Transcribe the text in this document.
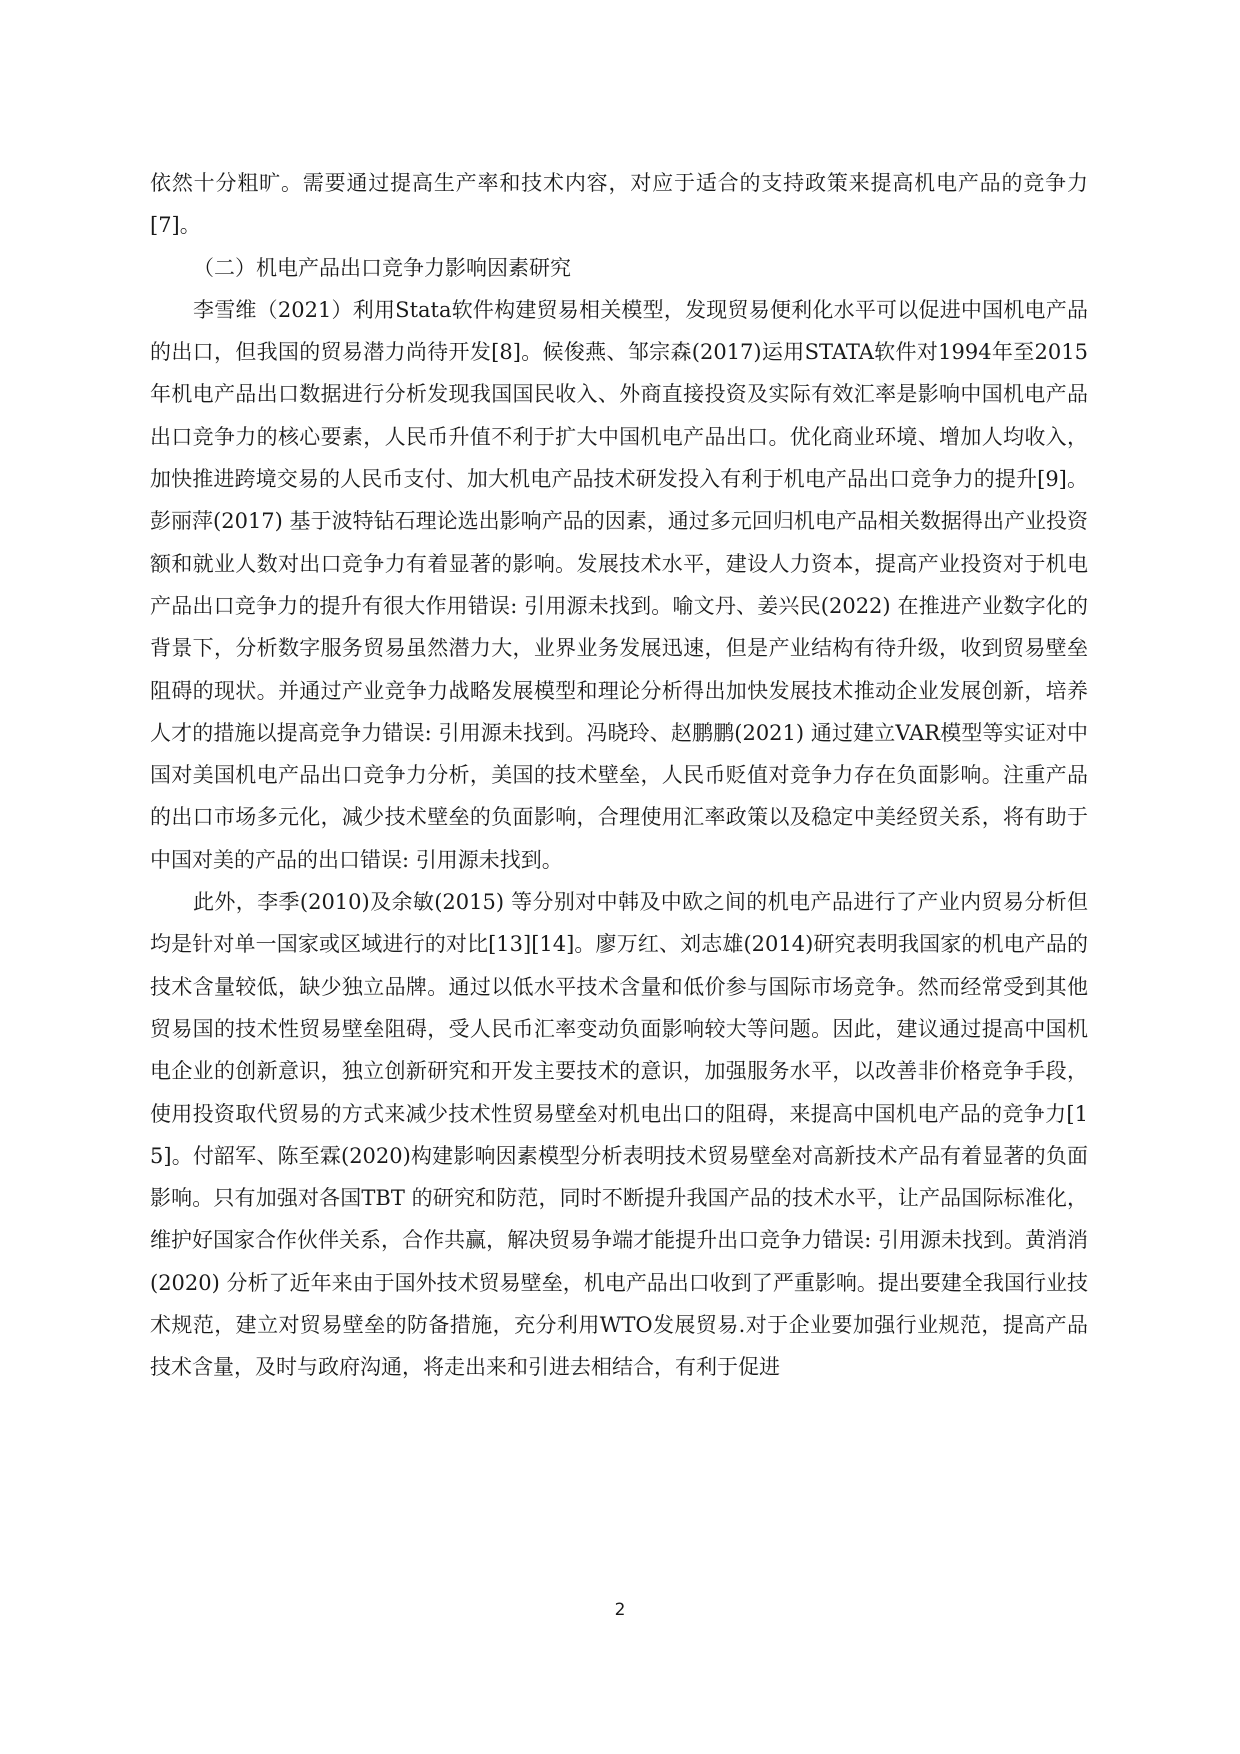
依然十分粗旷。需要通过提高生产率和技术内容，对应于适合的支持政策来提高机电产品的竞争力[7]。

（二）机电产品出口竞争力影响因素研究

李雪维（2021）利用Stata软件构建贸易相关模型，发现贸易便利化水平可以促进中国机电产品的出口，但我国的贸易潜力尚待开发[8]。候俊燕、邹宗森(2017)运用STATA软件对1994年至2015年机电产品出口数据进行分析发现我国国民收入、外商直接投资及实际有效汇率是影响中国机电产品出口竞争力的核心要素，人民币升值不利于扩大中国机电产品出口。优化商业环境、增加人均收入，加快推进跨境交易的人民币支付、加大机电产品技术研发投入有利于机电产品出口竞争力的提升[9]。彭丽萍(2017) 基于波特钻石理论选出影响产品的因素，通过多元回归机电产品相关数据得出产业投资额和就业人数对出口竞争力有着显著的影响。发展技术水平，建设人力资本，提高产业投资对于机电产品出口竞争力的提升有很大作用错误: 引用源未找到。喻文丹、姜兴民(2022) 在推进产业数字化的背景下，分析数字服务贸易虽然潜力大，业界业务发展迅速，但是产业结构有待升级，收到贸易壁垒阻碍的现状。并通过产业竞争力战略发展模型和理论分析得出加快发展技术推动企业发展创新，培养人才的措施以提高竞争力错误: 引用源未找到。冯晓玲、赵鹏鹏(2021) 通过建立VAR模型等实证对中国对美国机电产品出口竞争力分析，美国的技术壁垒，人民币贬值对竞争力存在负面影响。注重产品的出口市场多元化，减少技术壁垒的负面影响，合理使用汇率政策以及稳定中美经贸关系，将有助于中国对美的产品的出口错误: 引用源未找到。

此外，李季(2010)及余敏(2015) 等分别对中韩及中欧之间的机电产品进行了产业内贸易分析但均是针对单一国家或区域进行的对比[13][14]。廖万红、刘志雄(2014)研究表明我国家的机电产品的技术含量较低，缺少独立品牌。通过以低水平技术含量和低价参与国际市场竞争。然而经常受到其他贸易国的技术性贸易壁垒阻碍，受人民币汇率变动负面影响较大等问题。因此，建议通过提高中国机电企业的创新意识，独立创新研究和开发主要技术的意识，加强服务水平，以改善非价格竞争手段，使用投资取代贸易的方式来减少技术性贸易壁垒对机电出口的阻碍，来提高中国机电产品的竞争力[15]。付韶军、陈至霖(2020)构建影响因素模型分析表明技术贸易壁垒对高新技术产品有着显著的负面影响。只有加强对各国TBT 的研究和防范，同时不断提升我国产品的技术水平，让产品国际标准化，维护好国家合作伙伴关系，合作共赢，解决贸易争端才能提升出口竞争力错误: 引用源未找到。黄消消(2020) 分析了近年来由于国外技术贸易壁垒，机电产品出口收到了严重影响。提出要建全我国行业技术规范，建立对贸易壁垒的防备措施，充分利用WTO发展贸易.对于企业要加强行业规范，提高产品技术含量，及时与政府沟通，将走出来和引进去相结合，有利于促进

2
